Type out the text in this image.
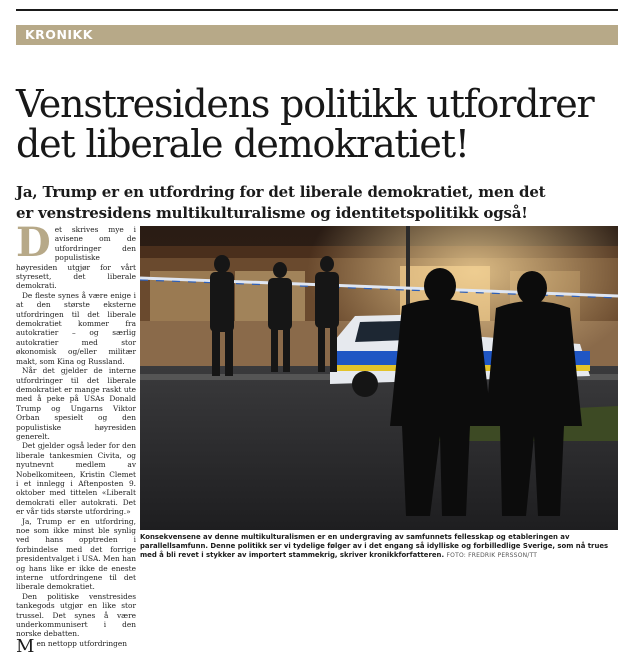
KRONIKK
Venstresidens politikk utfordrer
det liberale demokratiet!
Ja, Trump er en utfordring for det liberale demokratiet, men det
er venstresidens multikulturalisme og identitetspolitikk også!

Det skrives mye i avisene om de utfordringer den populistiske høyresiden utgjør for vårt styresett, det liberale demokrati.

De fleste synes å være enige i at den største eksterne utfordringen til det liberale demokratiet kommer fra autokratier – og særlig autokratier med stor økonomisk og/eller militær makt, som Kina og Russland.

Når det gjelder de interne utfordringer til det liberale demokratiet er mange raskt ute med å peke på USAs Donald Trump og Ungarns Viktor Orban spesielt og den populistiske høyresiden generelt.

Det gjelder også leder for den liberale tankesmien Civita, og nyutnevnt medlem av Nobelkomiteen, Kristin Clemet i et innlegg i Aftenposten 9. oktober med tittelen «Liberalt demokrati eller autokrati. Det er vår tids største utfordring.»

Ja, Trump er en utfordring, noe som ikke minst ble synlig ved hans opptreden i forbindelse med det forrige presidentvalget i USA. Men han og hans like er ikke de eneste interne utfordringene til det liberale demokratiet.

Den politiske venstresides tankegods utgjør en like stor trussel. Det synes å være underkommunisert i den norske debatten.

Men nettopp utfordringen

Konsekvensene av denne multikulturalismen er en undergraving av samfunnets fellesskap og etableringen av parallellsamfunn. Denne politikk ser vi tydelige følger av i det engang så idylliske og forbilledlige Sverige, som nå trues med å bli revet i stykker av importert stammekrig, skriver kronikkforfatteren. FOTO: FREDRIK PERSSON/TT
